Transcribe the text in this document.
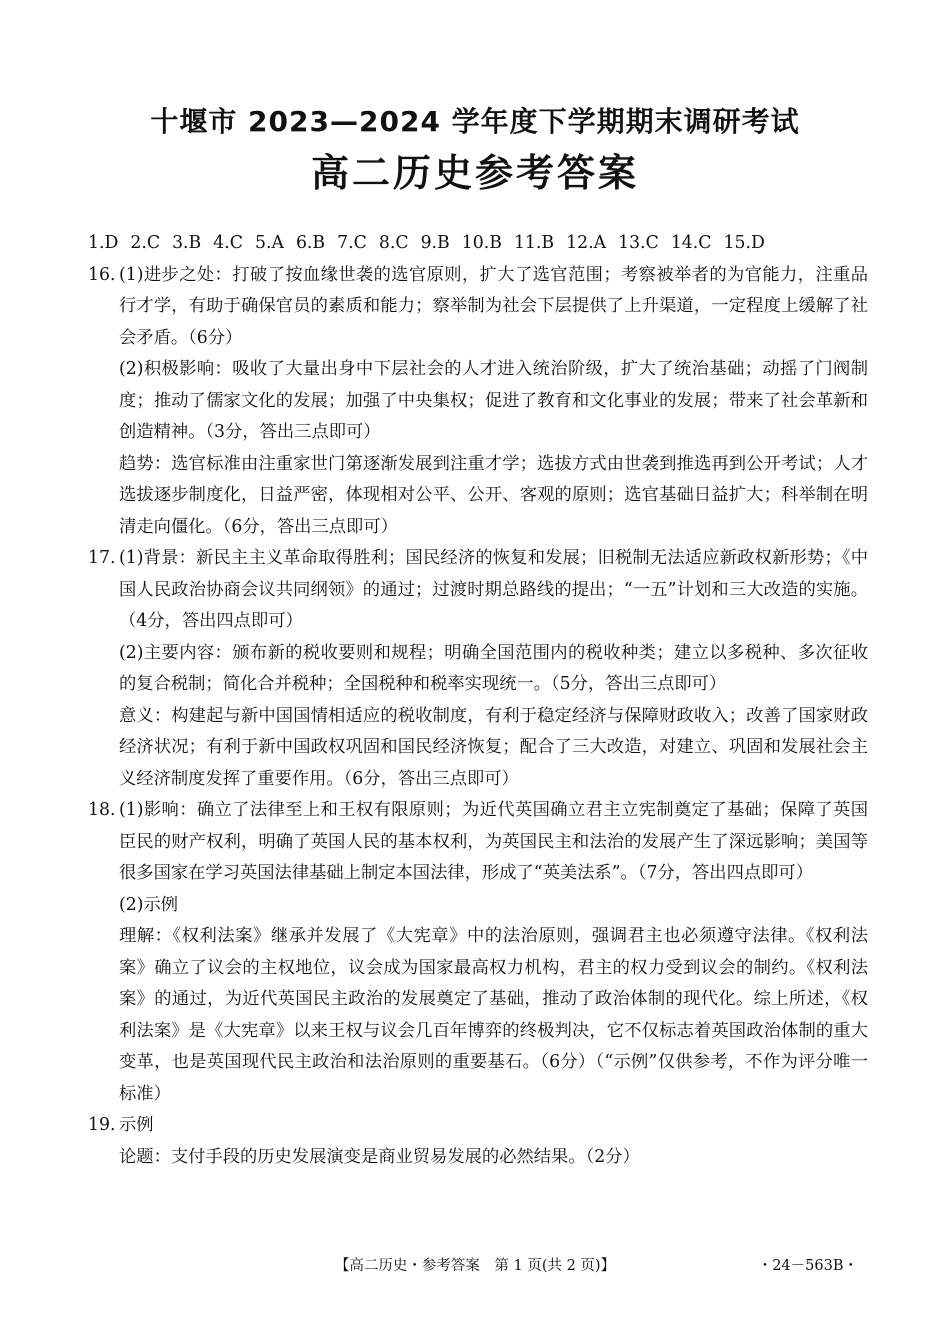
十堰市 2023—2024 学年度下学期期末调研考试
高二历史参考答案
1.D 2.C 3.B 4.C 5.A 6.B 7.C 8.C 9.B 10.B 11.B 12.A 13.C 14.C 15.D
16. (1)进步之处：打破了按血缘世袭的选官原则，扩大了选官范围；考察被举者的为官能力，注重品行才学，有助于确保官员的素质和能力；察举制为社会下层提供了上升渠道，一定程度上缓解了社会矛盾。（6分）
(2)积极影响：吸收了大量出身中下层社会的人才进入统治阶级，扩大了统治基础；动摇了门阀制度；推动了儒家文化的发展；加强了中央集权；促进了教育和文化事业的发展；带来了社会革新和创造精神。（3分，答出三点即可）
趋势：选官标准由注重家世门第逐渐发展到注重才学；选拔方式由世袭到推选再到公开考试；人才选拔逐步制度化，日益严密，体现相对公平、公开、客观的原则；选官基础日益扩大；科举制在明清走向僵化。（6分，答出三点即可）
17. (1)背景：新民主主义革命取得胜利；国民经济的恢复和发展；旧税制无法适应新政权新形势；《中国人民政治协商会议共同纲领》的通过；过渡时期总路线的提出；“一五”计划和三大改造的实施。（4分，答出四点即可）
(2)主要内容：颁布新的税收要则和规程；明确全国范围内的税收种类；建立以多税种、多次征收的复合税制；简化合并税种；全国税种和税率实现统一。（5分，答出三点即可）
意义：构建起与新中国国情相适应的税收制度，有利于稳定经济与保障财政收入；改善了国家财政经济状况；有利于新中国政权巩固和国民经济恢复；配合了三大改造，对建立、巩固和发展社会主义经济制度发挥了重要作用。（6分，答出三点即可）
18. (1)影响：确立了法律至上和王权有限原则；为近代英国确立君主立宪制奠定了基础；保障了英国臣民的财产权利，明确了英国人民的基本权利，为英国民主和法治的发展产生了深远影响；美国等很多国家在学习英国法律基础上制定本国法律，形成了“英美法系”。（7分，答出四点即可）
(2)示例
理解：《权利法案》继承并发展了《大宪章》中的法治原则，强调君主也必须遵守法律。《权利法案》确立了议会的主权地位，议会成为国家最高权力机构，君主的权力受到议会的制约。《权利法案》的通过，为近代英国民主政治的发展奠定了基础，推动了政治体制的现代化。综上所述，《权利法案》是《大宪章》以来王权与议会几百年博弈的终极判决，它不仅标志着英国政治体制的重大变革，也是英国现代民主政治和法治原则的重要基石。（6分）（“示例”仅供参考，不作为评分唯一标准）
19. 示例
论题：支付手段的历史发展演变是商业贸易发展的必然结果。（2分）
【高二历史・参考答案　第 1 页(共 2 页)】	・24－563B・
